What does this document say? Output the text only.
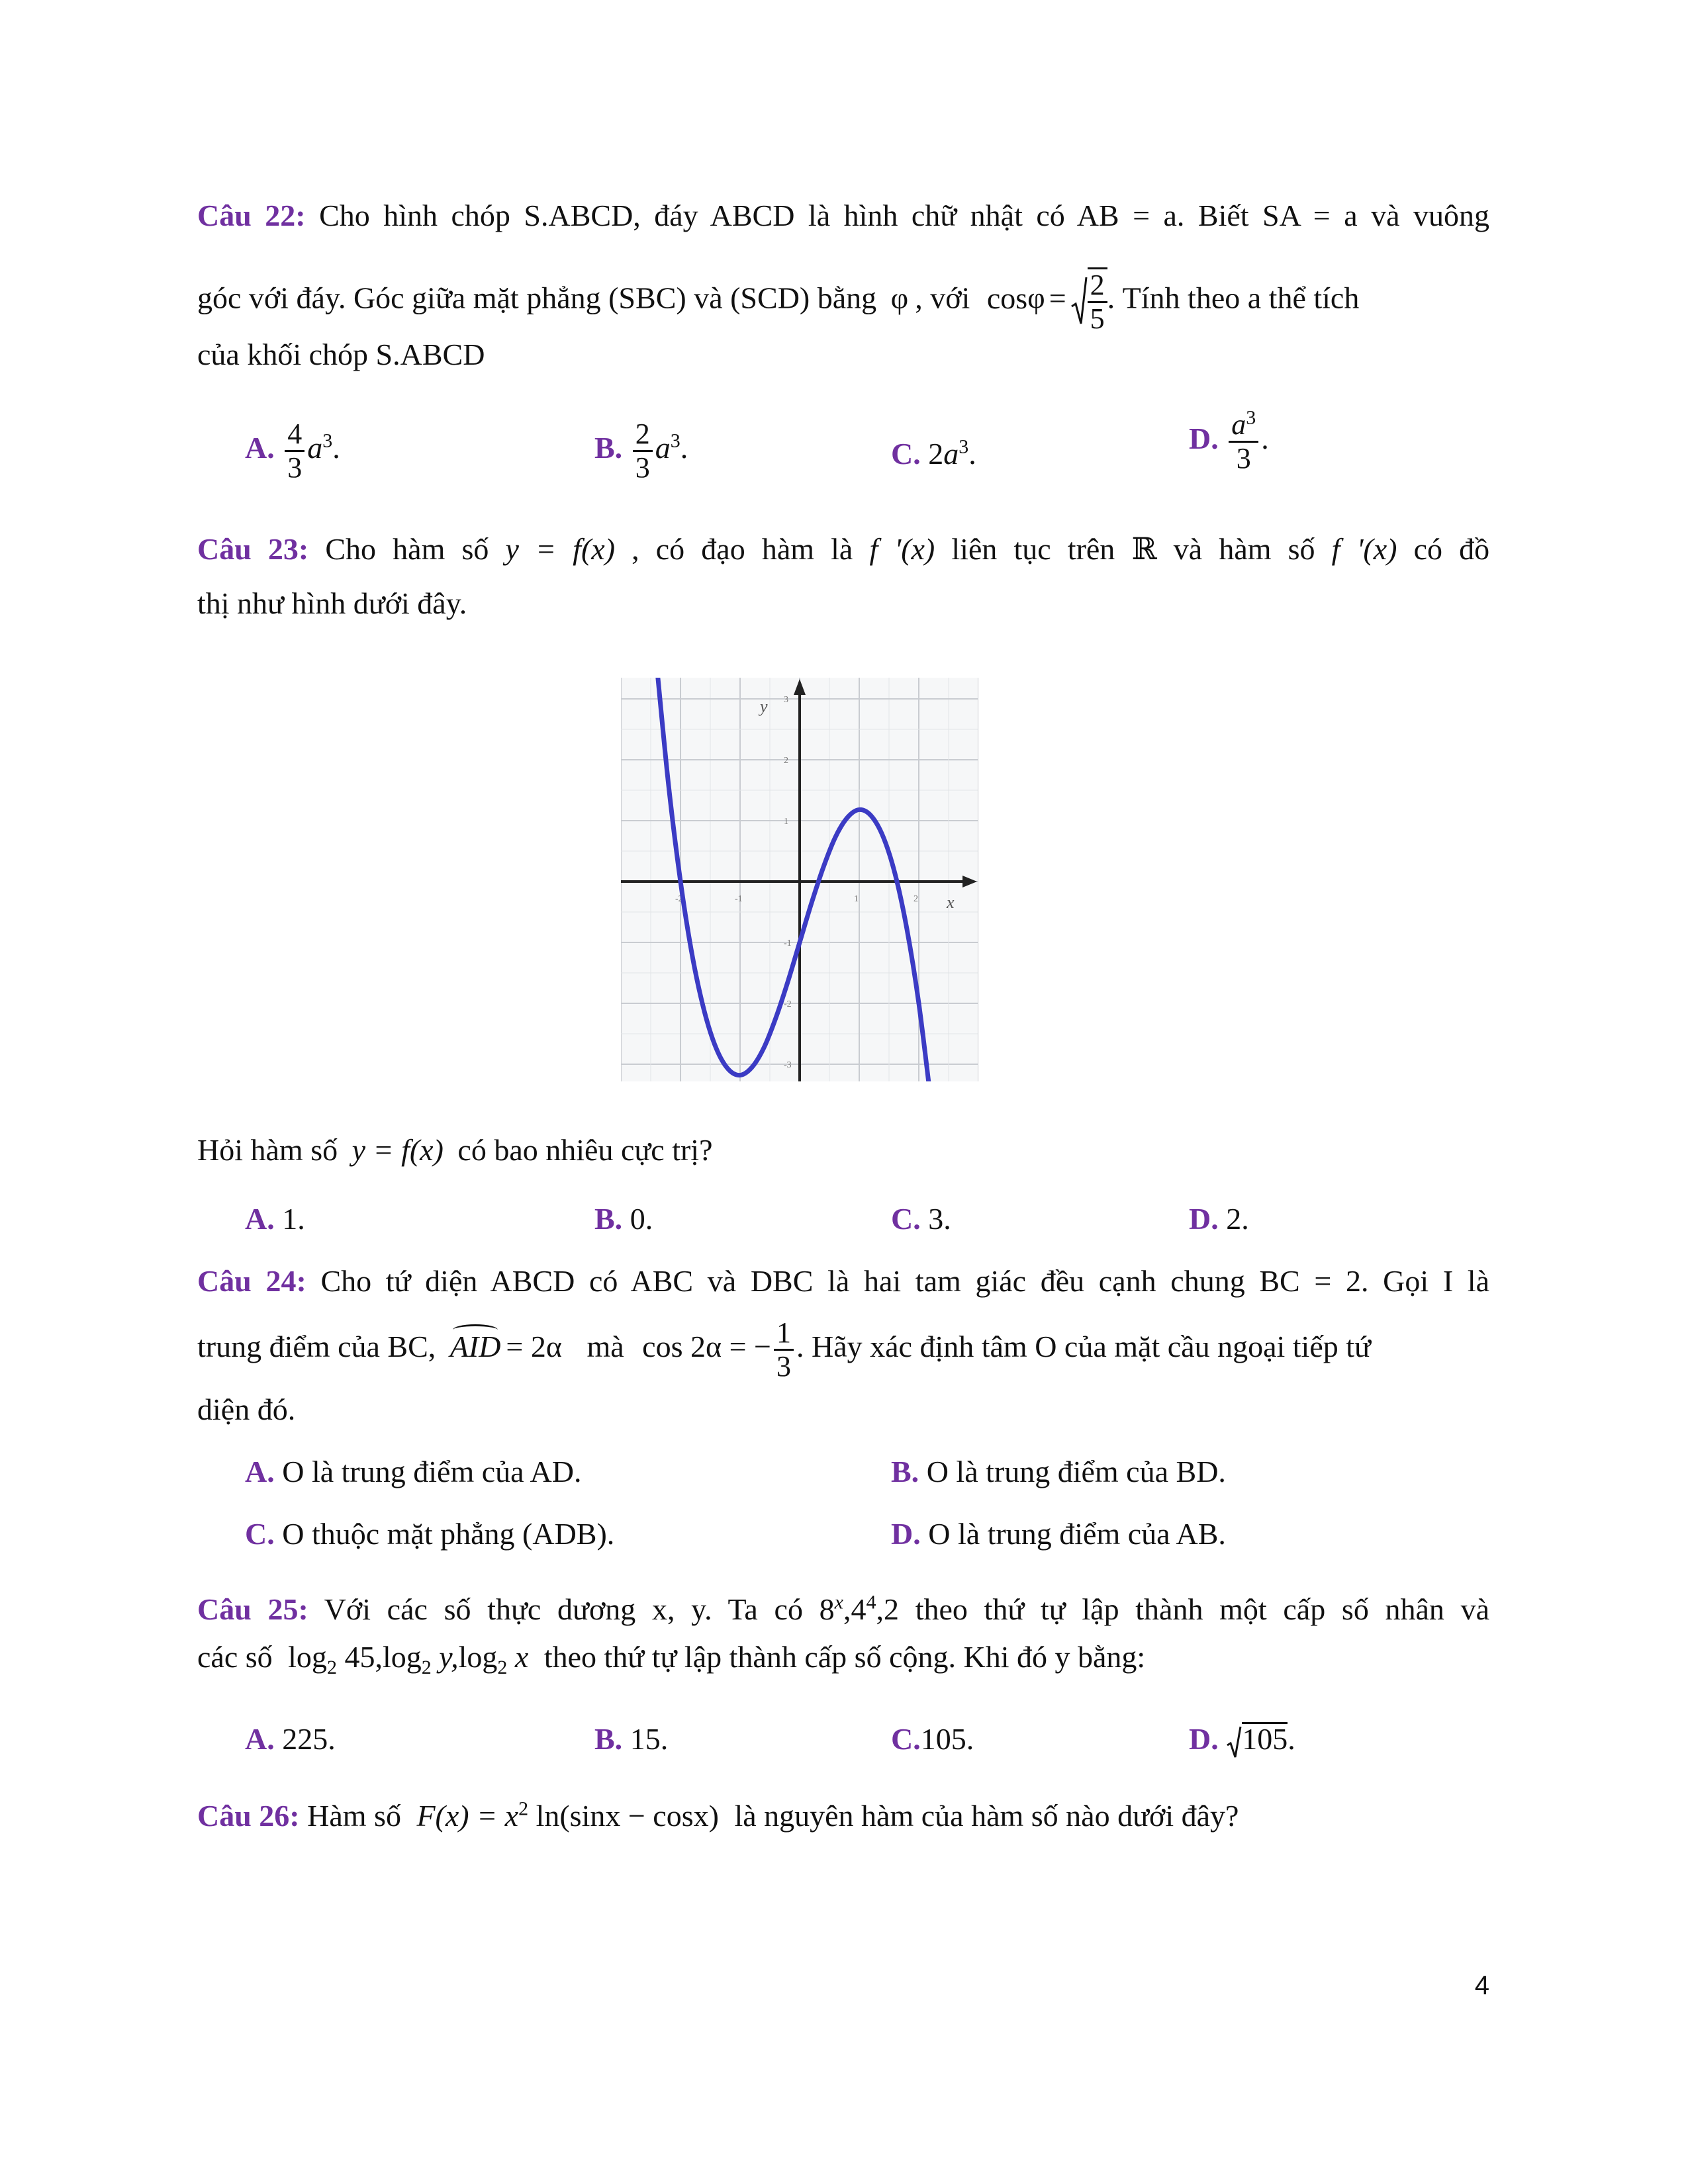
Câu 22: Cho hình chóp S.ABCD, đáy ABCD là hình chữ nhật có AB = a. Biết SA = a và vuông
góc với đáy. Góc giữa mặt phẳng (SBC) và (SCD) bằng φ , với $\cos\varphi = \frac{2}{5}$ . Tính theo a thể tích
của khối chóp S.ABCD
A. $\frac{4}{3} a^3$.	B. $\frac{2}{3} a^3$.	C. $2a^3$.	D. $\frac{a^3}{3}$ .
Câu 23: Cho hàm số y = f(x) , có đạo hàm là f '(x) liên tục trên ℝ và hàm số f '(x) có đồ
thị như hình dưới đây.
x
y
-2	-1	1	2
3
2
1
-1
-2
-3
Hỏi hàm số y = f(x) có bao nhiêu cực trị?
A. 1.	B. 0.	C. 3.	D. 2.
Câu 24: Cho tứ diện ABCD có ABC và DBC là hai tam giác đều cạnh chung BC = 2. Gọi I là
trung điểm của BC, AID = 2α mà cos 2α = − $\frac{1}{3}$ . Hãy xác định tâm O của mặt cầu ngoại tiếp tứ
diện đó.
A. O là trung điểm của AD.	B. O là trung điểm của BD.
C. O thuộc mặt phẳng (ADB).	D. O là trung điểm của AB.
Câu 25: Với các số thực dương x, y. Ta có $8^x,4^4,2$ theo thứ tự lập thành một cấp số nhân và
các số $\log_2 45,\log_2$ $y,\log_2$ x theo thứ tự lập thành cấp số cộng. Khi đó y bằng:
A. 225.	B. 15.	C.105.	D. 105.
Câu 26: Hàm số $F(x) = x^2$ ln(sinx − cosx) là nguyên hàm của hàm số nào dưới đây?
4
